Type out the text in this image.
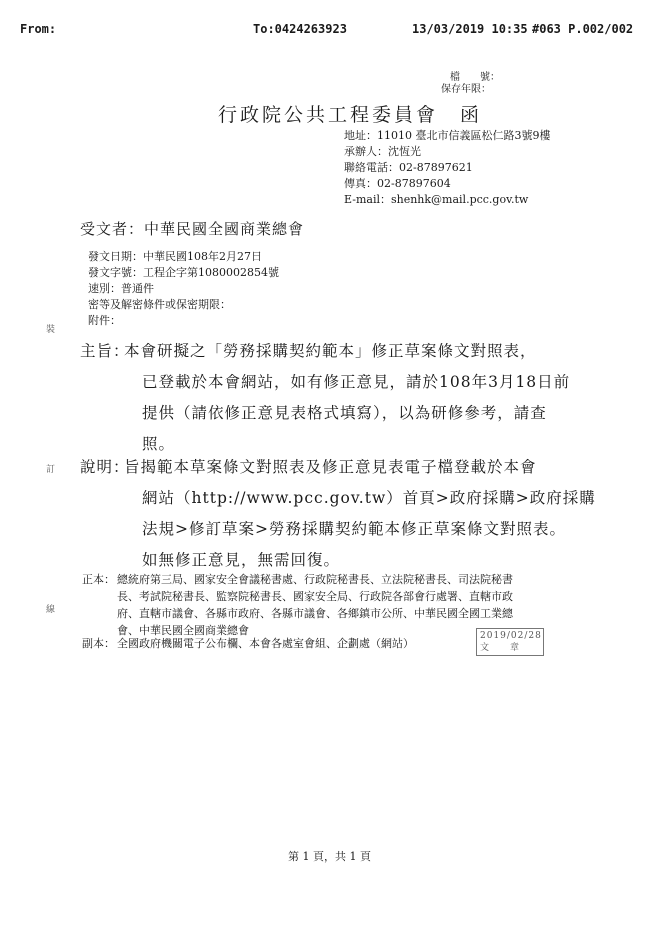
From:	To:0424263923	13/03/2019 10:35 #063 P.002/002
檔　　號：
保存年限：
行政院公共工程委員會　函
地址：11010 臺北市信義區松仁路3號9樓
承辦人：沈恆光
聯絡電話：02-87897621
傳真：02-87897604
E-mail：shenhk@mail.pcc.gov.tw
受文者：中華民國全國商業總會
發文日期：中華民國108年2月27日
發文字號：工程企字第1080002854號
速別：普通件
密等及解密條件或保密期限：
附件：
主旨：
本會研擬之「勞務採購契約範本」修正草案條文對照表，
已登載於本會網站，如有修正意見，請於108年3月18日前
提供（請依修正意見表格式填寫），以為研修參考，請查
照。
說明：
旨揭範本草案條文對照表及修正意見表電子檔登載於本會
網站（http://www.pcc.gov.tw）首頁>政府採購>政府採購
法規>修訂草案>勞務採購契約範本修正草案條文對照表。
如無修正意見，無需回復。
正本： 總統府第三局、國家安全會議秘書處、行政院秘書長、立法院秘書長、司法院秘書
長、考試院秘書長、監察院秘書長、國家安全局、行政院各部會行處署、直轄市政
府、直轄市議會、各縣市政府、各縣市議會、各鄉鎮市公所、中華民國全國工業總
會、中華民國全國商業總會
副本： 全國政府機關電子公布欄、本會各處室會組、企劃處（網站）
2019/02/28
文　　章
裝
訂
線
第 1 頁，共 1 頁
